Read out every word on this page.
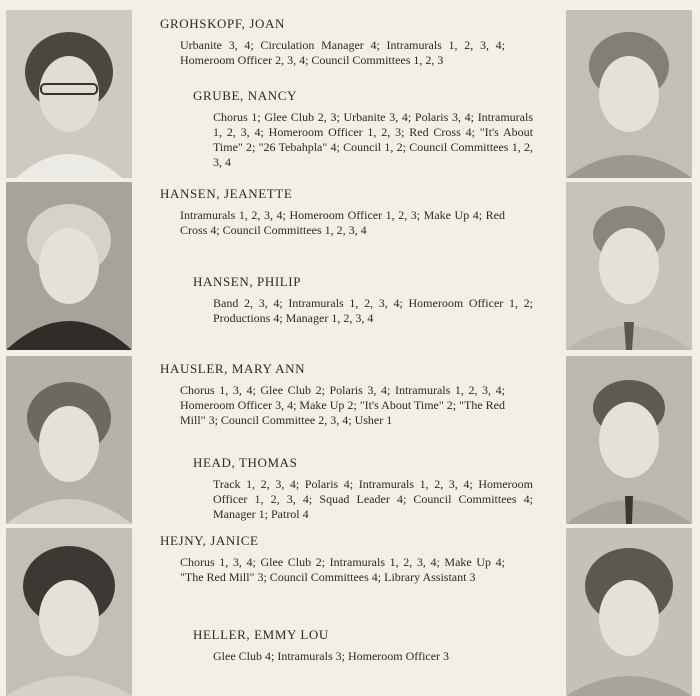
GROHSKOPF, JOAN

Urbanite 3, 4; Circulation Manager 4; Intramurals 1, 2, 3, 4; Homeroom Officer 2, 3, 4; Council Committees 1, 2, 3

GRUBE, NANCY

Chorus 1; Glee Club 2, 3; Urbanite 3, 4; Polaris 3, 4; Intramurals 1, 2, 3, 4; Homeroom Officer 1, 2, 3; Red Cross 4; "It's About Time" 2; "26 Tebahpla" 4; Council 1, 2; Council Committees 1, 2, 3, 4

HANSEN, JEANETTE

Intramurals 1, 2, 3, 4; Homeroom Officer 1, 2, 3; Make Up 4; Red Cross 4; Council Committees 1, 2, 3, 4

HANSEN, PHILIP

Band 2, 3, 4; Intramurals 1, 2, 3, 4; Homeroom Officer 1, 2; Productions 4; Manager 1, 2, 3, 4

HAUSLER, MARY ANN

Chorus 1, 3, 4; Glee Club 2; Polaris 3, 4; Intramurals 1, 2, 3, 4; Homeroom Officer 3, 4; Make Up 2; "It's About Time" 2; "The Red Mill" 3; Council Committee 2, 3, 4; Usher 1

HEAD, THOMAS

Track 1, 2, 3, 4; Polaris 4; Intramurals 1, 2, 3, 4; Homeroom Officer 1, 2, 3, 4; Squad Leader 4; Council Committees 4; Manager 1; Patrol 4

HEJNY, JANICE

Chorus 1, 3, 4; Glee Club 2; Intramurals 1, 2, 3, 4; Make Up 4; "The Red Mill" 3; Council Committees 4; Library Assistant 3

HELLER, EMMY LOU

Glee Club 4; Intramurals 3; Homeroom Officer 3
